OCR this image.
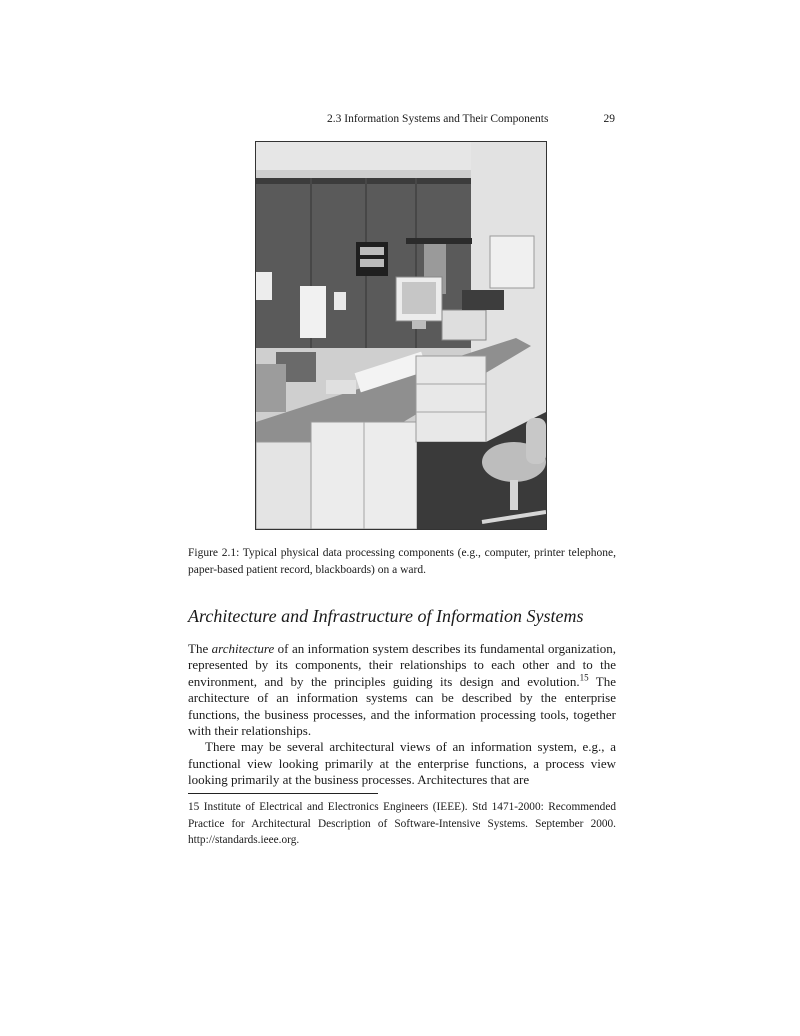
2.3 Information Systems and Their Components	29
Figure 2.1: Typical physical data processing components (e.g., computer, printer telephone, paper-based patient record, blackboards) on a ward.
Architecture and Infrastructure of Information Systems

The architecture of an information system describes its fundamental organization, represented by its components, their relationships to each other and to the environment, and by the principles guiding its design and evolution.$^{15}$ The architecture of an information systems can be described by the enterprise functions, the business processes, and the information processing tools, together with their relationships.

There may be several architectural views of an information system, e.g., a functional view looking primarily at the enterprise functions, a process view looking primarily at the business processes. Architectures that are

15 Institute of Electrical and Electronics Engineers (IEEE). Std 1471-2000: Recommended Practice for Architectural Description of Software-Intensive Systems. September 2000. http://standards.ieee.org.
